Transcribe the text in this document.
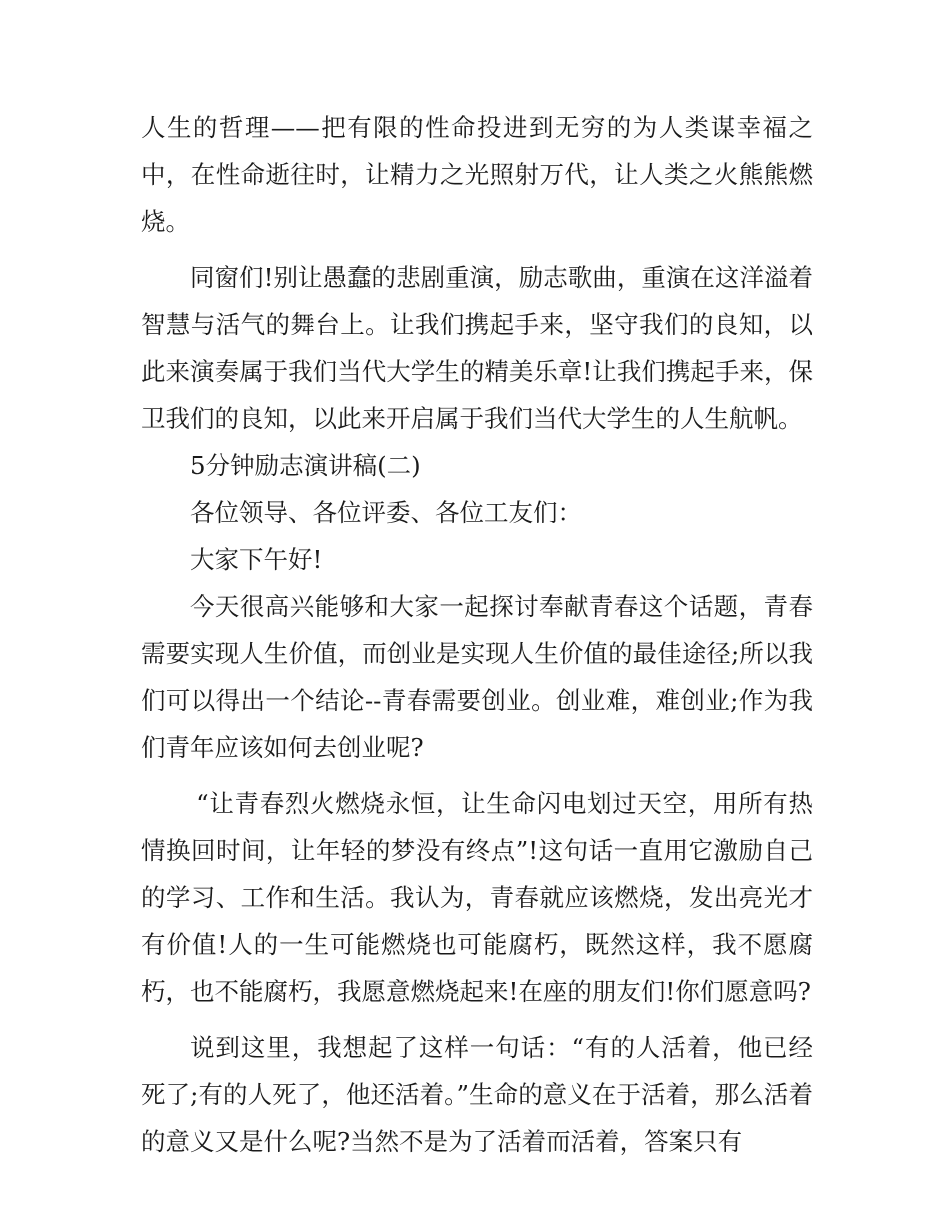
人生的哲理——把有限的性命投进到无穷的为人类谋幸福之中，在性命逝往时，让精力之光照射万代，让人类之火熊熊燃烧。

同窗们!别让愚蠢的悲剧重演，励志歌曲，重演在这洋溢着智慧与活气的舞台上。让我们携起手来，坚守我们的良知，以此来演奏属于我们当代大学生的精美乐章!让我们携起手来，保卫我们的良知，以此来开启属于我们当代大学生的人生航帆。

5分钟励志演讲稿(二)

各位领导、各位评委、各位工友们：

大家下午好!

今天很高兴能够和大家一起探讨奉献青春这个话题，青春需要实现人生价值，而创业是实现人生价值的最佳途径;所以我们可以得出一个结论--青春需要创业。创业难，难创业;作为我们青年应该如何去创业呢?

“让青春烈火燃烧永恒，让生命闪电划过天空，用所有热情换回时间，让年轻的梦没有终点”!这句话一直用它激励自己的学习、工作和生活。我认为，青春就应该燃烧，发出亮光才有价值!人的一生可能燃烧也可能腐朽，既然这样，我不愿腐朽，也不能腐朽，我愿意燃烧起来!在座的朋友们!你们愿意吗?

说到这里，我想起了这样一句话：“有的人活着，他已经死了;有的人死了，他还活着。”生命的意义在于活着，那么活着的意义又是什么呢?当然不是为了活着而活着，答案只有
